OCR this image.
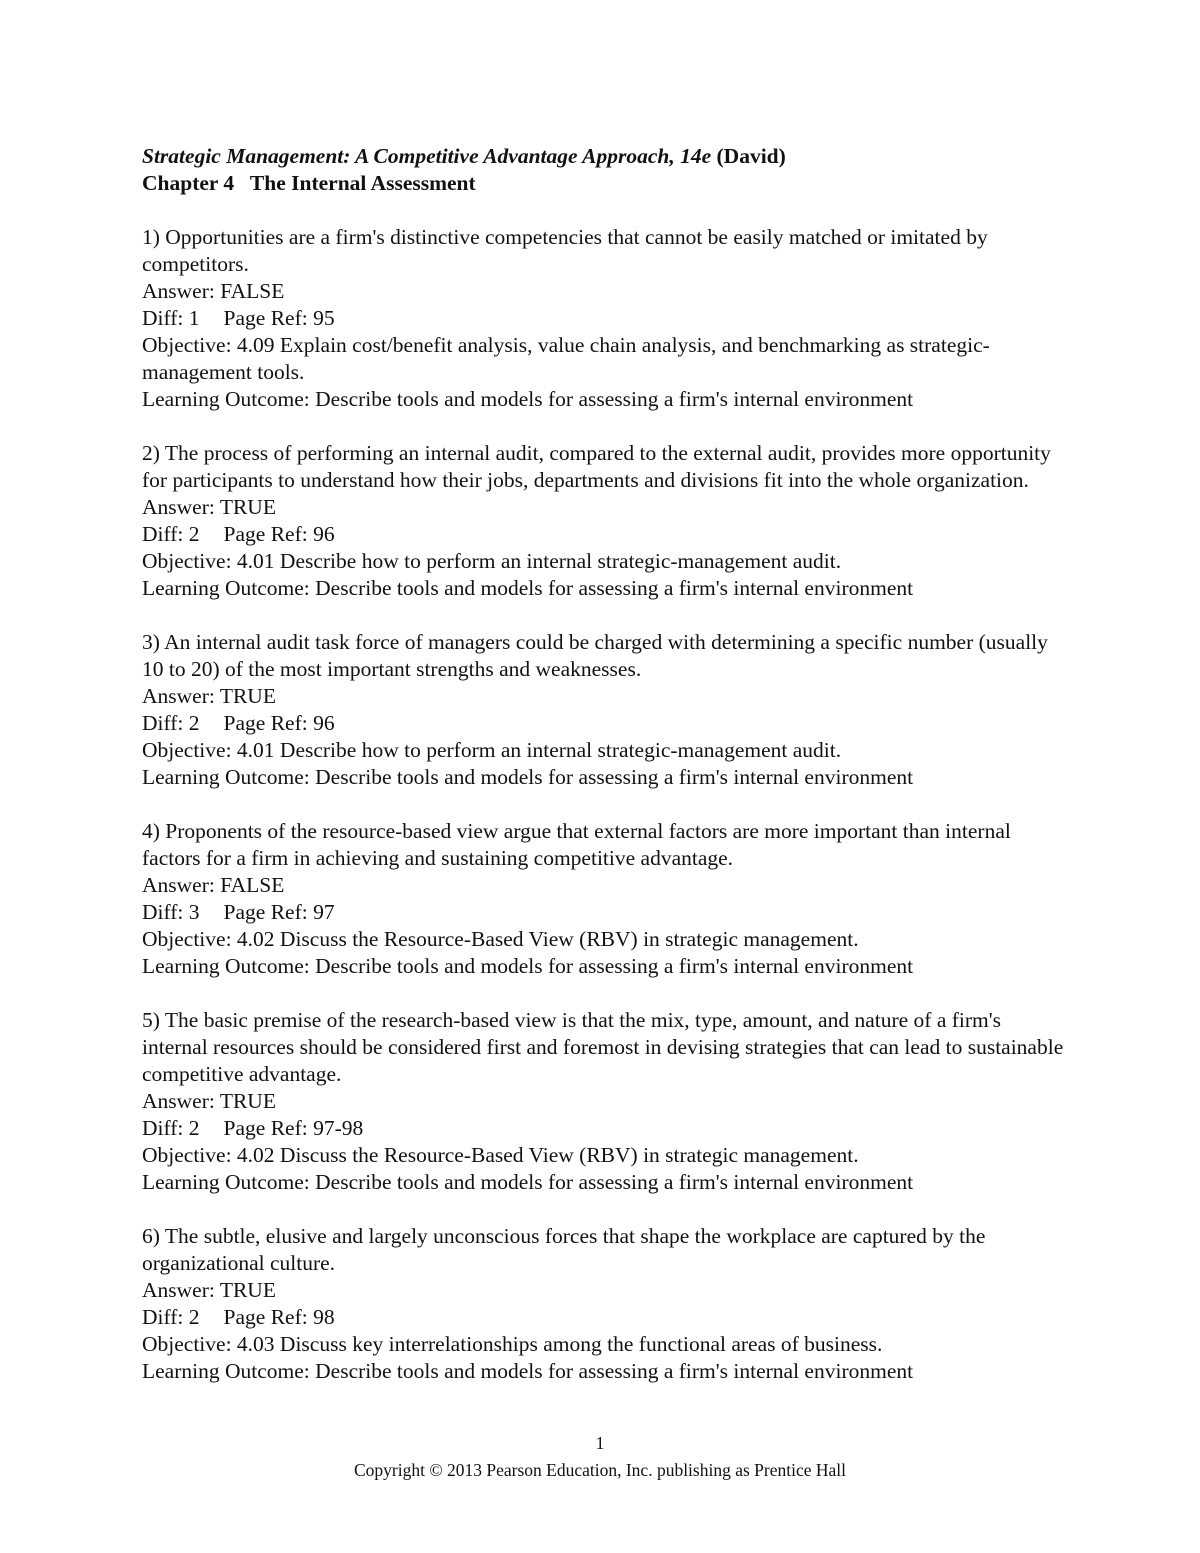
Strategic Management: A Competitive Advantage Approach, 14e (David)

Chapter 4   The Internal Assessment

1) Opportunities are a firm's distinctive competencies that cannot be easily matched or imitated by competitors.

Answer: FALSE

Diff: 1 Page Ref: 95

Objective: 4.09 Explain cost/benefit analysis, value chain analysis, and benchmarking as strategic-management tools.

Learning Outcome: Describe tools and models for assessing a firm's internal environment

2) The process of performing an internal audit, compared to the external audit, provides more opportunity for participants to understand how their jobs, departments and divisions fit into the whole organization.

Answer: TRUE

Diff: 2 Page Ref: 96

Objective: 4.01 Describe how to perform an internal strategic-management audit.

Learning Outcome: Describe tools and models for assessing a firm's internal environment

3) An internal audit task force of managers could be charged with determining a specific number (usually 10 to 20) of the most important strengths and weaknesses.

Answer: TRUE

Diff: 2 Page Ref: 96

Objective: 4.01 Describe how to perform an internal strategic-management audit.

Learning Outcome: Describe tools and models for assessing a firm's internal environment

4) Proponents of the resource-based view argue that external factors are more important than internal factors for a firm in achieving and sustaining competitive advantage.

Answer: FALSE

Diff: 3 Page Ref: 97

Objective: 4.02 Discuss the Resource-Based View (RBV) in strategic management.

Learning Outcome: Describe tools and models for assessing a firm's internal environment

5) The basic premise of the research-based view is that the mix, type, amount, and nature of a firm's internal resources should be considered first and foremost in devising strategies that can lead to sustainable competitive advantage.

Answer: TRUE

Diff: 2 Page Ref: 97-98

Objective: 4.02 Discuss the Resource-Based View (RBV) in strategic management.

Learning Outcome: Describe tools and models for assessing a firm's internal environment

6) The subtle, elusive and largely unconscious forces that shape the workplace are captured by the organizational culture.

Answer: TRUE

Diff: 2 Page Ref: 98

Objective: 4.03 Discuss key interrelationships among the functional areas of business.

Learning Outcome: Describe tools and models for assessing a firm's internal environment

1
Copyright © 2013 Pearson Education, Inc. publishing as Prentice Hall
